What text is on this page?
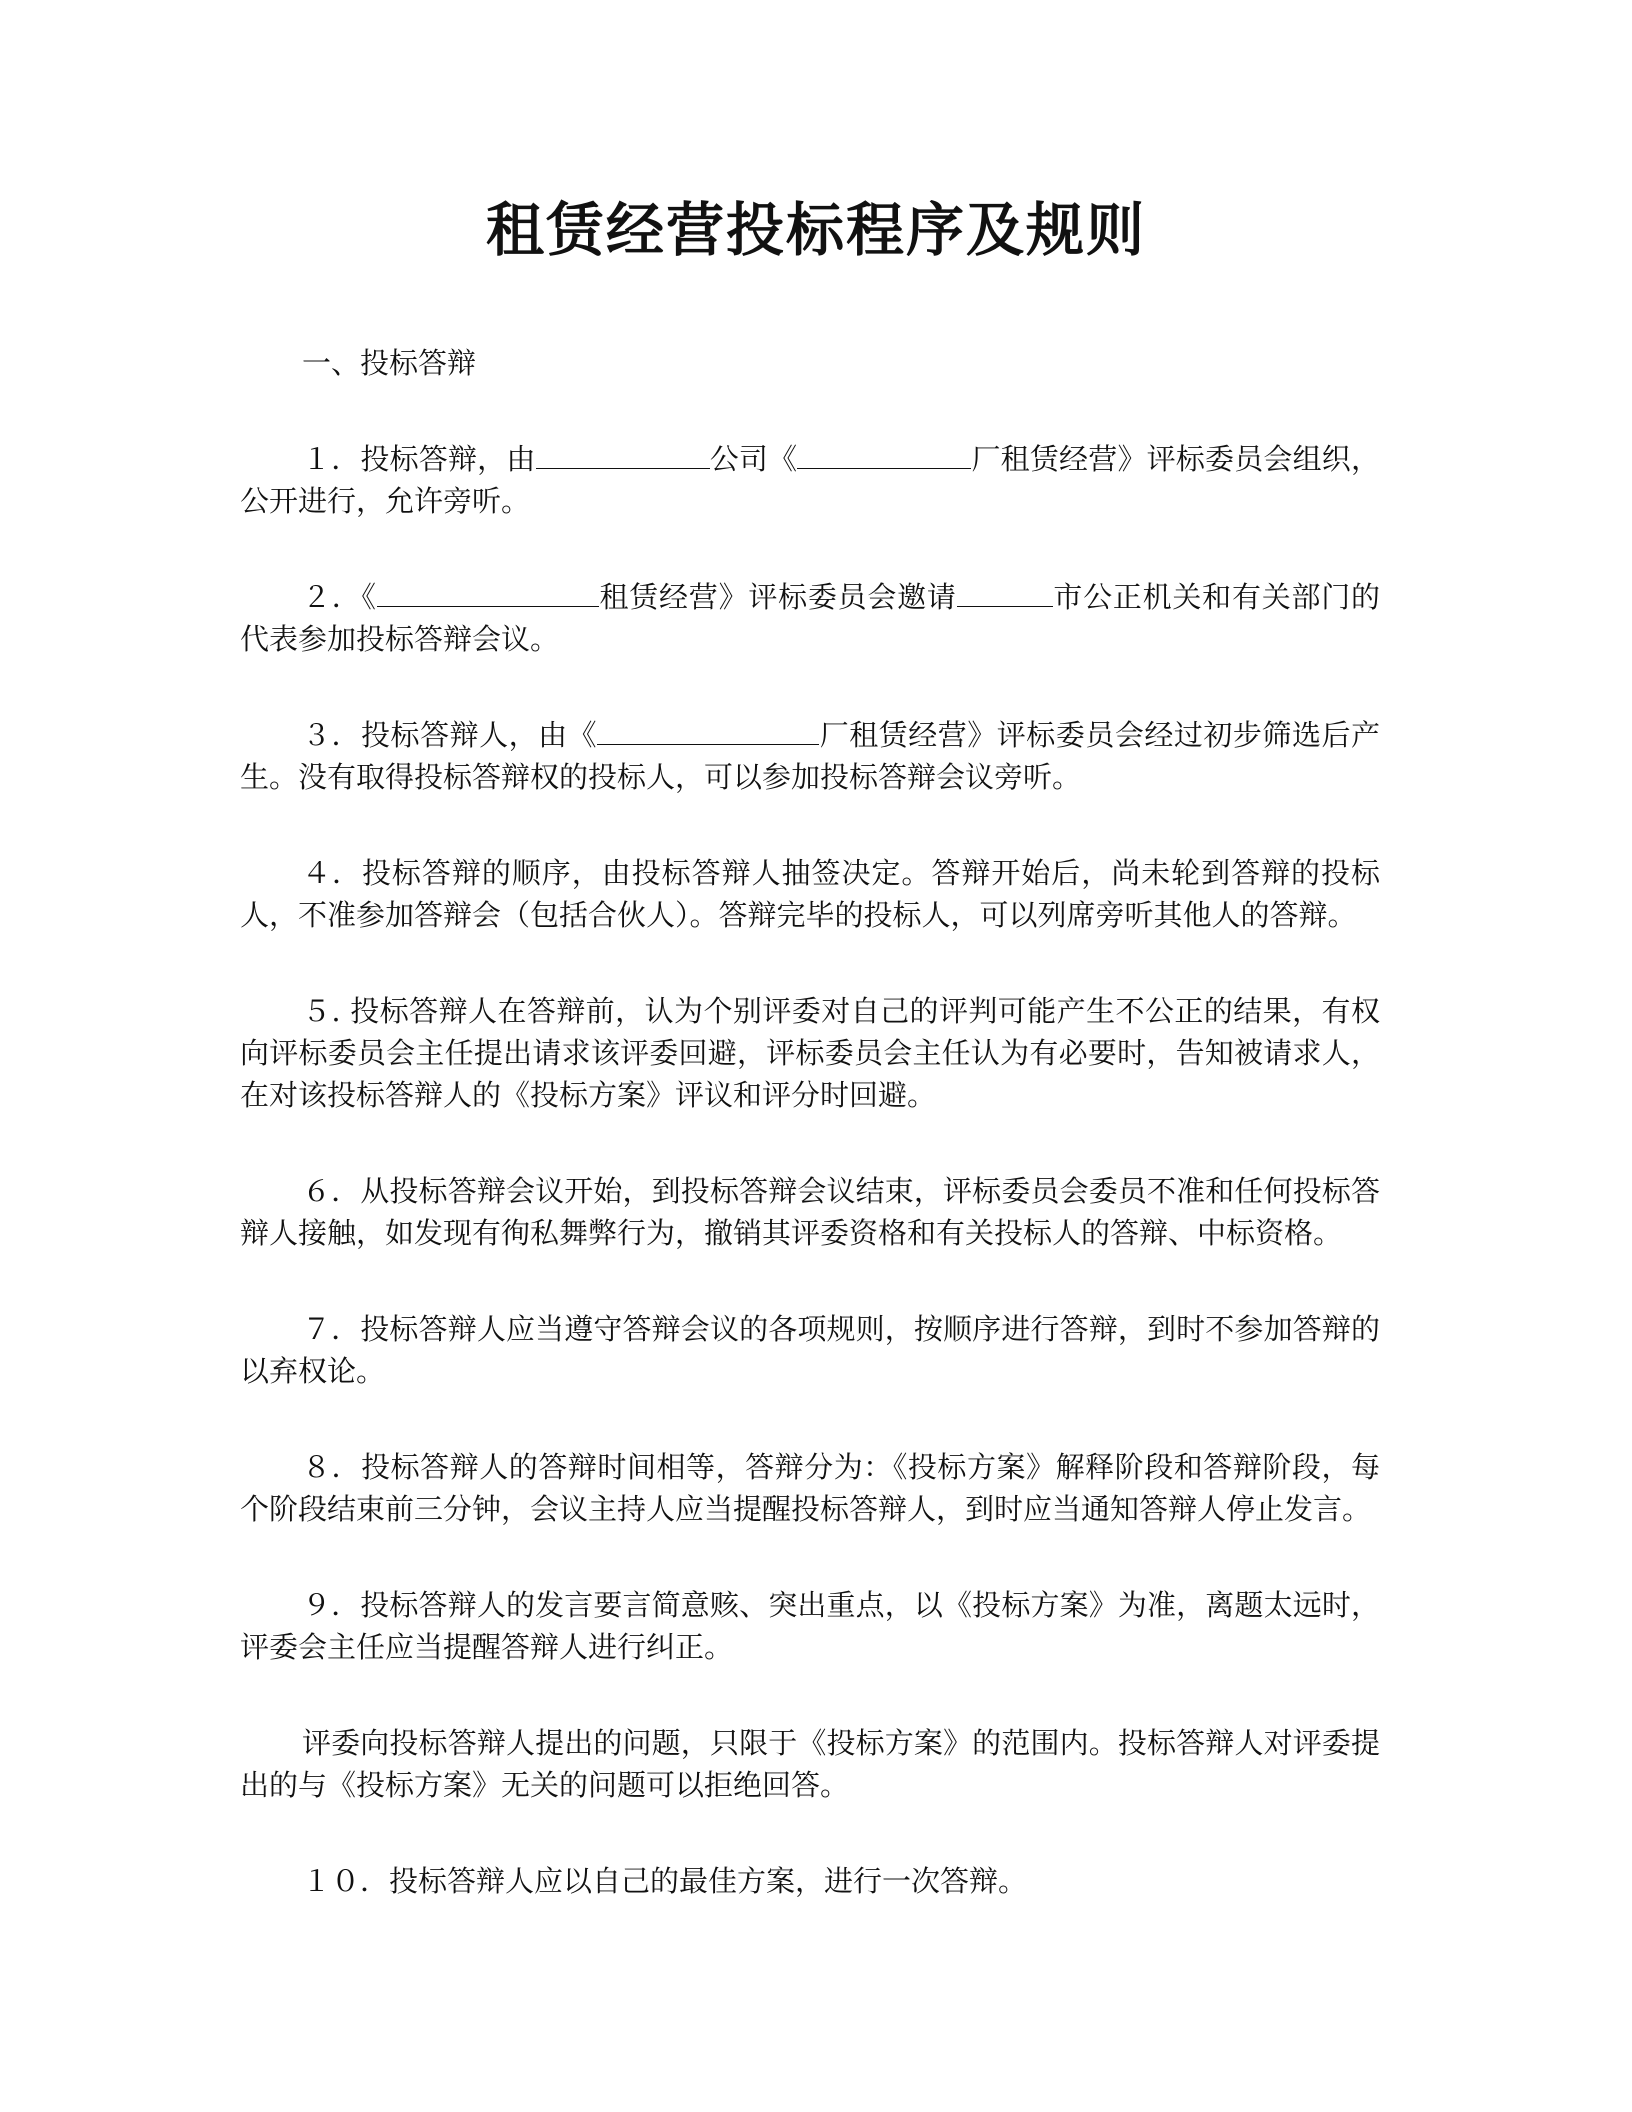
租赁经营投标程序及规则

一、投标答辩

１．投标答辩，由	公司《	厂租赁经营》评标委员会组织，公开进行，允许旁听。

２．《	租赁经营》评标委员会邀请	市公正机关和有关部门的代表参加投标答辩会议。

３．投标答辩人，由《	厂租赁经营》评标委员会经过初步筛选后产生。没有取得投标答辩权的投标人，可以参加投标答辩会议旁听。

４．投标答辩的顺序，由投标答辩人抽签决定。答辩开始后，尚未轮到答辩的投标人，不准参加答辩会（包括合伙人）。答辩完毕的投标人，可以列席旁听其他人的答辩。

５. 投标答辩人在答辩前，认为个别评委对自己的评判可能产生不公正的结果，有权向评标委员会主任提出请求该评委回避，评标委员会主任认为有必要时，告知被请求人，在对该投标答辩人的《投标方案》评议和评分时回避。

６．从投标答辩会议开始，到投标答辩会议结束，评标委员会委员不准和任何投标答辩人接触，如发现有徇私舞弊行为，撤销其评委资格和有关投标人的答辩、中标资格。

７．投标答辩人应当遵守答辩会议的各项规则，按顺序进行答辩，到时不参加答辩的以弃权论。

８．投标答辩人的答辩时间相等，答辩分为：《投标方案》解释阶段和答辩阶段，每个阶段结束前三分钟，会议主持人应当提醒投标答辩人，到时应当通知答辩人停止发言。

９．投标答辩人的发言要言简意赅、突出重点，以《投标方案》为准，离题太远时，评委会主任应当提醒答辩人进行纠正。

评委向投标答辩人提出的问题，只限于《投标方案》的范围内。投标答辩人对评委提出的与《投标方案》无关的问题可以拒绝回答。

１０．投标答辩人应以自己的最佳方案，进行一次答辩。
